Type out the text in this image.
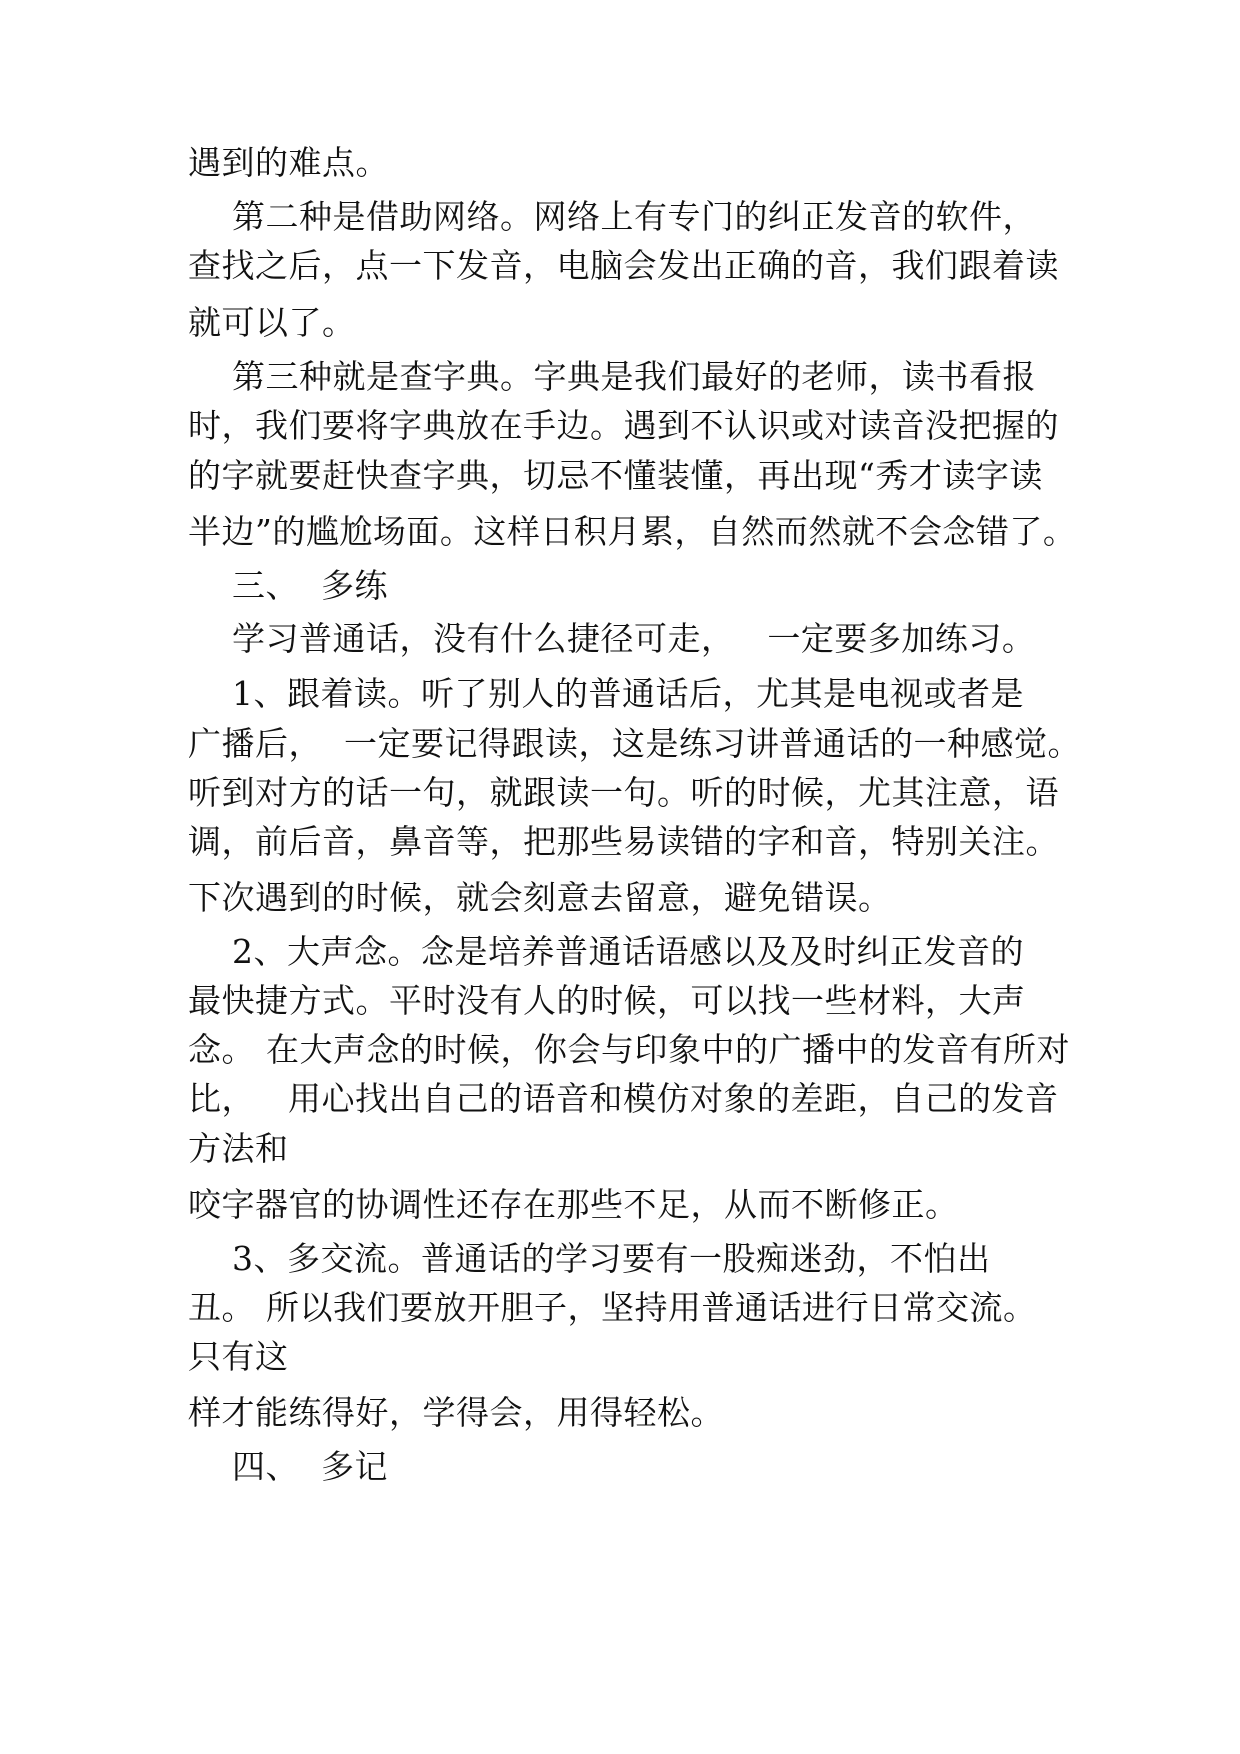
遇到的难点。
第二种是借助网络。网络上有专门的纠正发音的软件，
查找之后，点一下发音，电脑会发出正确的音，我们跟着读
就可以了。
第三种就是查字典。字典是我们最好的老师，读书看报
时，我们要将字典放在手边。遇到不认识或对读音没把握的
的字就要赶快查字典，切忌不懂装懂，再出现“秀才读字读
半边”的尴尬场面。这样日积月累，自然而然就不会念错了。
三、  多练
学习普通话，没有什么捷径可走，   一定要多加练习。
1、跟着读。听了别人的普通话后，尤其是电视或者是
广播后，  一定要记得跟读，这是练习讲普通话的一种感觉。
听到对方的话一句，就跟读一句。听的时候，尤其注意，语
调，前后音，鼻音等，把那些易读错的字和音，特别关注。
下次遇到的时候，就会刻意去留意，避免错误。
2、大声念。念是培养普通话语感以及及时纠正发音的
最快捷方式。平时没有人的时候，可以找一些材料，大声
念。 在大声念的时候，你会与印象中的广播中的发音有所对
比，   用心找出自己的语音和模仿对象的差距，自己的发音
方法和
咬字器官的协调性还存在那些不足，从而不断修正。
3、多交流。普通话的学习要有一股痴迷劲，不怕出
丑。 所以我们要放开胆子，坚持用普通话进行日常交流。
只有这
样才能练得好，学得会，用得轻松。
四、  多记
